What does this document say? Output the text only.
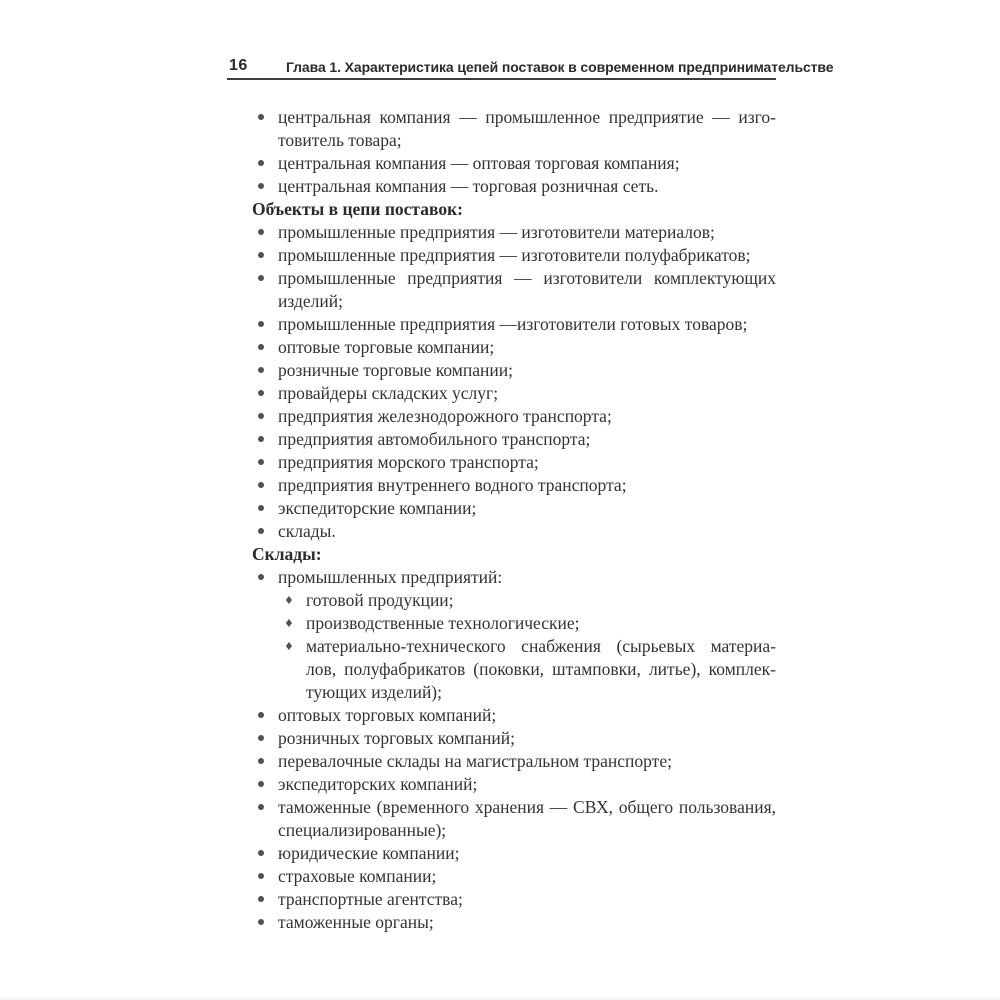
16	Глава 1. Характеристика цепей поставок в современном предпринимательстве
центральная компания — промышленное предприятие — изго-
товитель товара;
центральная компания — оптовая торговая компания;
центральная компания — торговая розничная сеть.
Объекты в цепи поставок:
промышленные предприятия — изготовители материалов;
промышленные предприятия — изготовители полуфабрикатов;
промышленные предприятия — изготовители комплектующих
изделий;
промышленные предприятия —изготовители готовых товаров;
оптовые торговые компании;
розничные торговые компании;
провайдеры складских услуг;
предприятия железнодорожного транспорта;
предприятия автомобильного транспорта;
предприятия морского транспорта;
предприятия внутреннего водного транспорта;
экспедиторские компании;
склады.
Склады:
промышленных предприятий:
♦ готовой продукции;
♦ производственные технологические;
♦ материально-технического снабжения (сырьевых материа-
лов, полуфабрикатов (поковки, штамповки, литье), комплек-
тующих изделий);
оптовых торговых компаний;
розничных торговых компаний;
перевалочные склады на магистральном транспорте;
экспедиторских компаний;
таможенные (временного хранения — СВХ, общего пользования,
специализированные);
юридические компании;
страховые компании;
транспортные агентства;
таможенные органы;
